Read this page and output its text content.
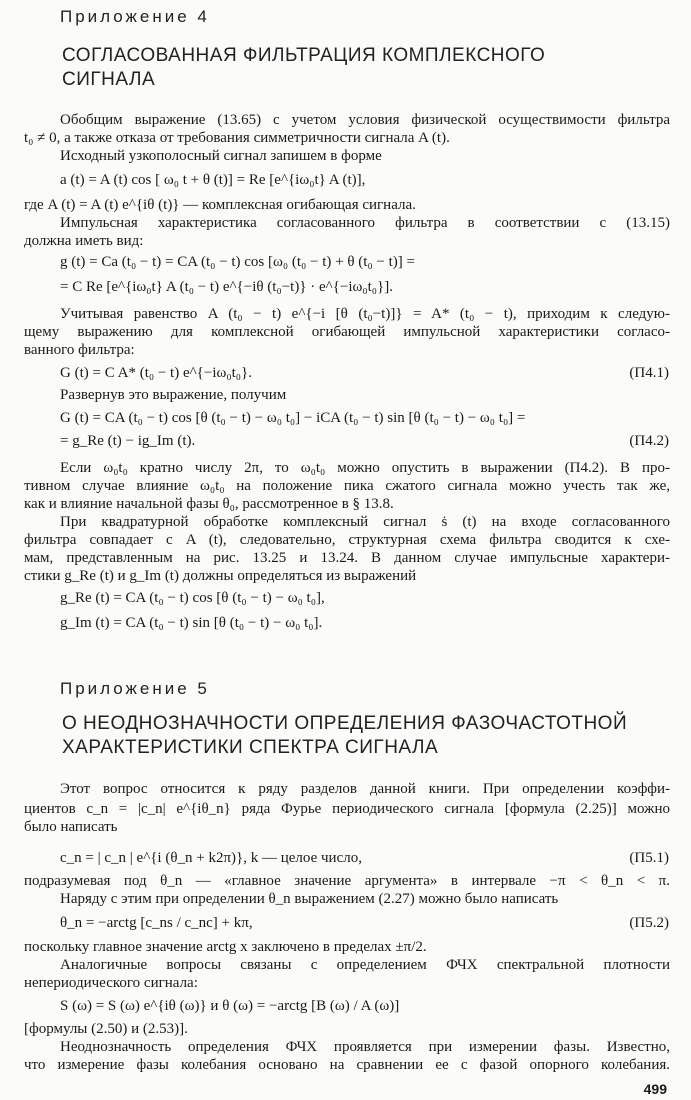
Приложение 4
СОГЛАСОВАННАЯ ФИЛЬТРАЦИЯ КОМПЛЕКСНОГО
СИГНАЛА
Обобщим выражение (13.65) с учетом условия физической осуществимости фильтра
t₀ ≠ 0, а также отказа от требования симметричности сигнала A (t).
Исходный узкополосный сигнал запишем в форме
a (t) = A (t) cos [ ω₀ t + θ (t)] = Re [e^{iω₀t} A (t)],
где A (t) = A (t) e^{iθ (t)} — комплексная огибающая сигнала.
Импульсная характеристика согласованного фильтра в соответствии с (13.15)
должна иметь вид:
g (t) = Ca (t₀ − t) = CA (t₀ − t) cos [ω₀ (t₀ − t) + θ (t₀ − t)] =
= C Re [e^{iω₀t} A (t₀ − t) e^{−iθ (t₀−t)} · e^{−iω₀t₀}].
Учитывая равенство A (t₀ − t) e^{−i [θ (t₀−t)]} = A* (t₀ − t), приходим к следую-
щему выражению для комплексной огибающей импульсной характеристики согласо-
ванного фильтра:
G (t) = C A* (t₀ − t) e^{−iω₀t₀}.	(П4.1)
Развернув это выражение, получим
G (t) = CA (t₀ − t) cos [θ (t₀ − t) − ω₀ t₀] − iCA (t₀ − t) sin [θ (t₀ − t) − ω₀ t₀] =
= g_Re (t) − ig_Im (t).	(П4.2)
Если ω₀t₀ кратно числу 2π, то ω₀t₀ можно опустить в выражении (П4.2). В про-
тивном случае влияние ω₀t₀ на положение пика сжатого сигнала можно учесть так же,
как и влияние начальной фазы θ₀, рассмотренное в § 13.8.
При квадратурной обработке комплексный сигнал ṡ (t) на входе согласованного
фильтра совпадает с A (t), следовательно, структурная схема фильтра сводится к схе-
мам, представленным на рис. 13.25 и 13.24. В данном случае импульсные характери-
стики g_Re (t) и g_Im (t) должны определяться из выражений
g_Re (t) = CA (t₀ − t) cos [θ (t₀ − t) − ω₀ t₀],
g_Im (t) = CA (t₀ − t) sin [θ (t₀ − t) − ω₀ t₀].
Приложение 5
О НЕОДНОЗНАЧНОСТИ ОПРЕДЕЛЕНИЯ ФАЗОЧАСТОТНОЙ
ХАРАКТЕРИСТИКИ СПЕКТРА СИГНАЛА
Этот вопрос относится к ряду разделов данной книги. При определении коэффи-
циентов c_n = |c_n| e^{iθ_n} ряда Фурье периодического сигнала [формула (2.25)] можно
было написать
c_n = | c_n | e^{i (θ_n + k2π)}, k — целое число,	(П5.1)
подразумевая под θ_n — «главное значение аргумента» в интервале −π < θ_n < π.
Наряду с этим при определении θ_n выражением (2.27) можно было написать
θ_n = −arctg [c_ns / c_nc] + kπ,	(П5.2)
поскольку главное значение arctg x заключено в пределах ±π/2.
Аналогичные вопросы связаны с определением ФЧХ спектральной плотности
непериодического сигнала:
S (ω) = S (ω) e^{iθ (ω)} и θ (ω) = −arctg [B (ω) / A (ω)]
[формулы (2.50) и (2.53)].
Неоднозначность определения ФЧХ проявляется при измерении фазы. Известно,
что измерение фазы колебания основано на сравнении ее с фазой опорного колебания.
499
